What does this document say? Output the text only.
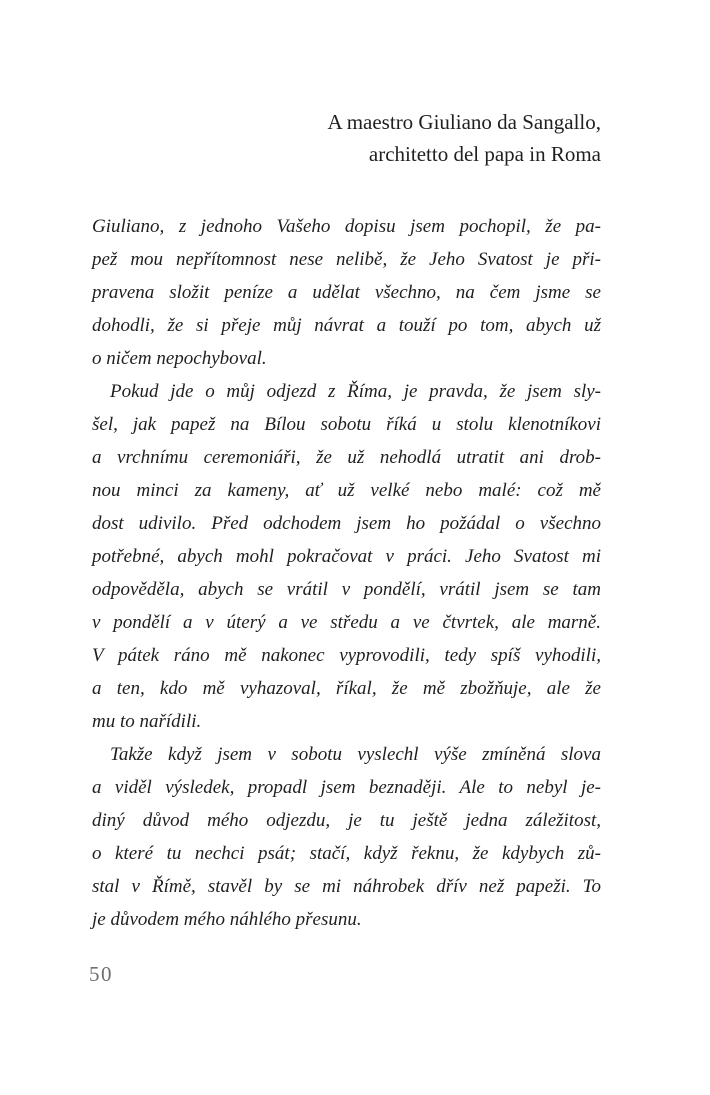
A maestro Giuliano da Sangallo,
architetto del papa in Roma
Giuliano, z jednoho Vašeho dopisu jsem pochopil, že pa-
pež mou nepřítomnost nese nelibě, že Jeho Svatost je při-
pravena složit peníze a udělat všechno, na čem jsme se
dohodli, že si přeje můj návrat a touží po tom, abych už
o ničem nepochyboval.
Pokud jde o můj odjezd z Říma, je pravda, že jsem sly-
šel, jak papež na Bílou sobotu říká u stolu klenotníkovi
a vrchnímu ceremoniáři, že už nehodlá utratit ani drob-
nou minci za kameny, ať už velké nebo malé: což mě
dost udivilo. Před odchodem jsem ho požádal o všechno
potřebné, abych mohl pokračovat v práci. Jeho Svatost mi
odpověděla, abych se vrátil v pondělí, vrátil jsem se tam
v pondělí a v úterý a ve středu a ve čtvrtek, ale marně.
V pátek ráno mě nakonec vyprovodili, tedy spíš vyhodili,
a ten, kdo mě vyhazoval, říkal, že mě zbožňuje, ale že
mu to nařídili.
Takže když jsem v sobotu vyslechl výše zmíněná slova
a viděl výsledek, propadl jsem beznaději. Ale to nebyl je-
diný důvod mého odjezdu, je tu ještě jedna záležitost,
o které tu nechci psát; stačí, když řeknu, že kdybych zů-
stal v Římě, stavěl by se mi náhrobek dřív než papeži. To
je důvodem mého náhlého přesunu.
50
